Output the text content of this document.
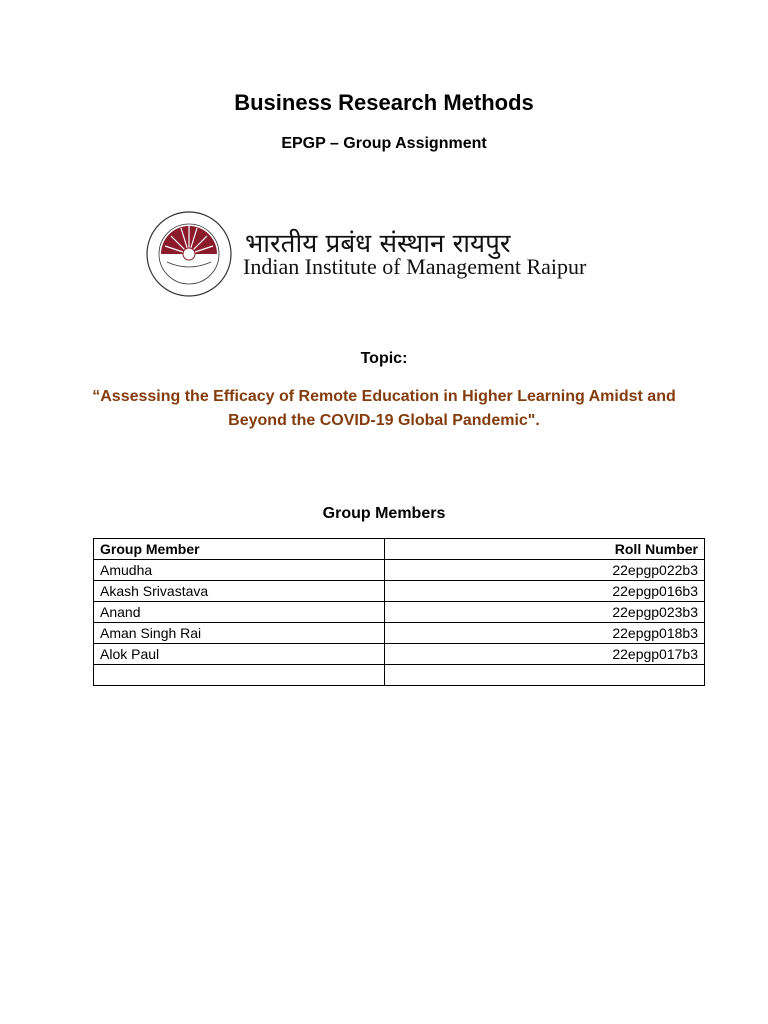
Business Research Methods
EPGP – Group Assignment
भारतीय प्रबंध संस्थान रायपुर
Indian Institute of Management Raipur
Topic:
“Assessing the Efficacy of Remote Education in Higher Learning Amidst and Beyond the COVID-19 Global Pandemic".
Group Members
Group Member	Roll Number
Amudha	22epgp022b3
Akash Srivastava	22epgp016b3
Anand	22epgp023b3
Aman Singh Rai	22epgp018b3
Alok Paul	22epgp017b3
